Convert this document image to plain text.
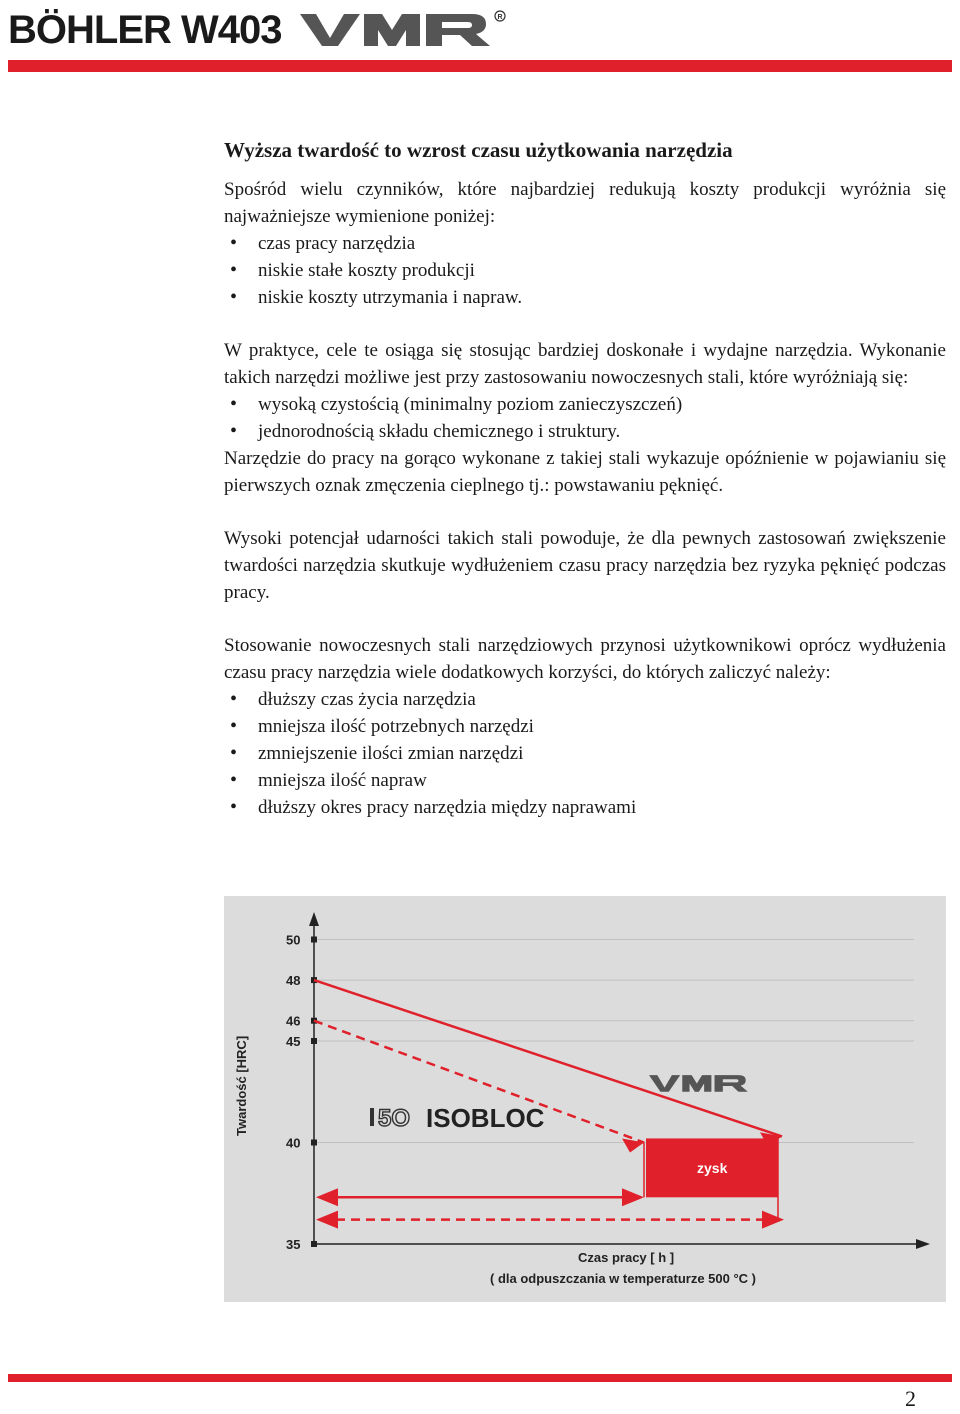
BÖHLER W403	R
Wyższa twardość to wzrost czasu użytkowania narzędzia

Spośród wielu czynników, które najbardziej redukują koszty produkcji wyróżnia się najważniejsze wymienione poniżej:

• czas pracy narzędzia
• niskie stałe koszty produkcji
• niskie koszty utrzymania i napraw.

W praktyce, cele te osiąga się stosując bardziej doskonałe i wydajne narzędzia. Wykonanie takich narzędzi możliwe jest przy zastosowaniu nowoczesnych stali, które wyróżniają się:

• wysoką czystością (minimalny poziom zanieczyszczeń)
• jednorodnością składu chemicznego i struktury.

Narzędzie do pracy na gorąco wykonane z takiej stali wykazuje opóźnienie w pojawianiu się pierwszych oznak zmęczenia cieplnego tj.: powstawaniu pęknięć.

Wysoki potencjał udarności takich stali powoduje, że dla pewnych zastosowań zwiększenie twardości narzędzia skutkuje wydłużeniem czasu pracy narzędzia bez ryzyka pęknięć podczas pracy.

Stosowanie nowoczesnych stali narzędziowych przynosi użytkownikowi oprócz wydłużenia czasu pracy narzędzia wiele dodatkowych korzyści, do których zaliczyć należy:

• dłuższy czas życia narzędzia
• mniejsza ilość potrzebnych narzędzi
• zmniejszenie ilości zmian narzędzi
• mniejsza ilość napraw
• dłuższy okres pracy narzędzia między naprawami
35
40
45
46
48
50
zysk
Twardość [HRC]
Czas pracy [ h ]
( dla odpuszczania w temperaturze 500 °C )
5O ISOBLOC
2
